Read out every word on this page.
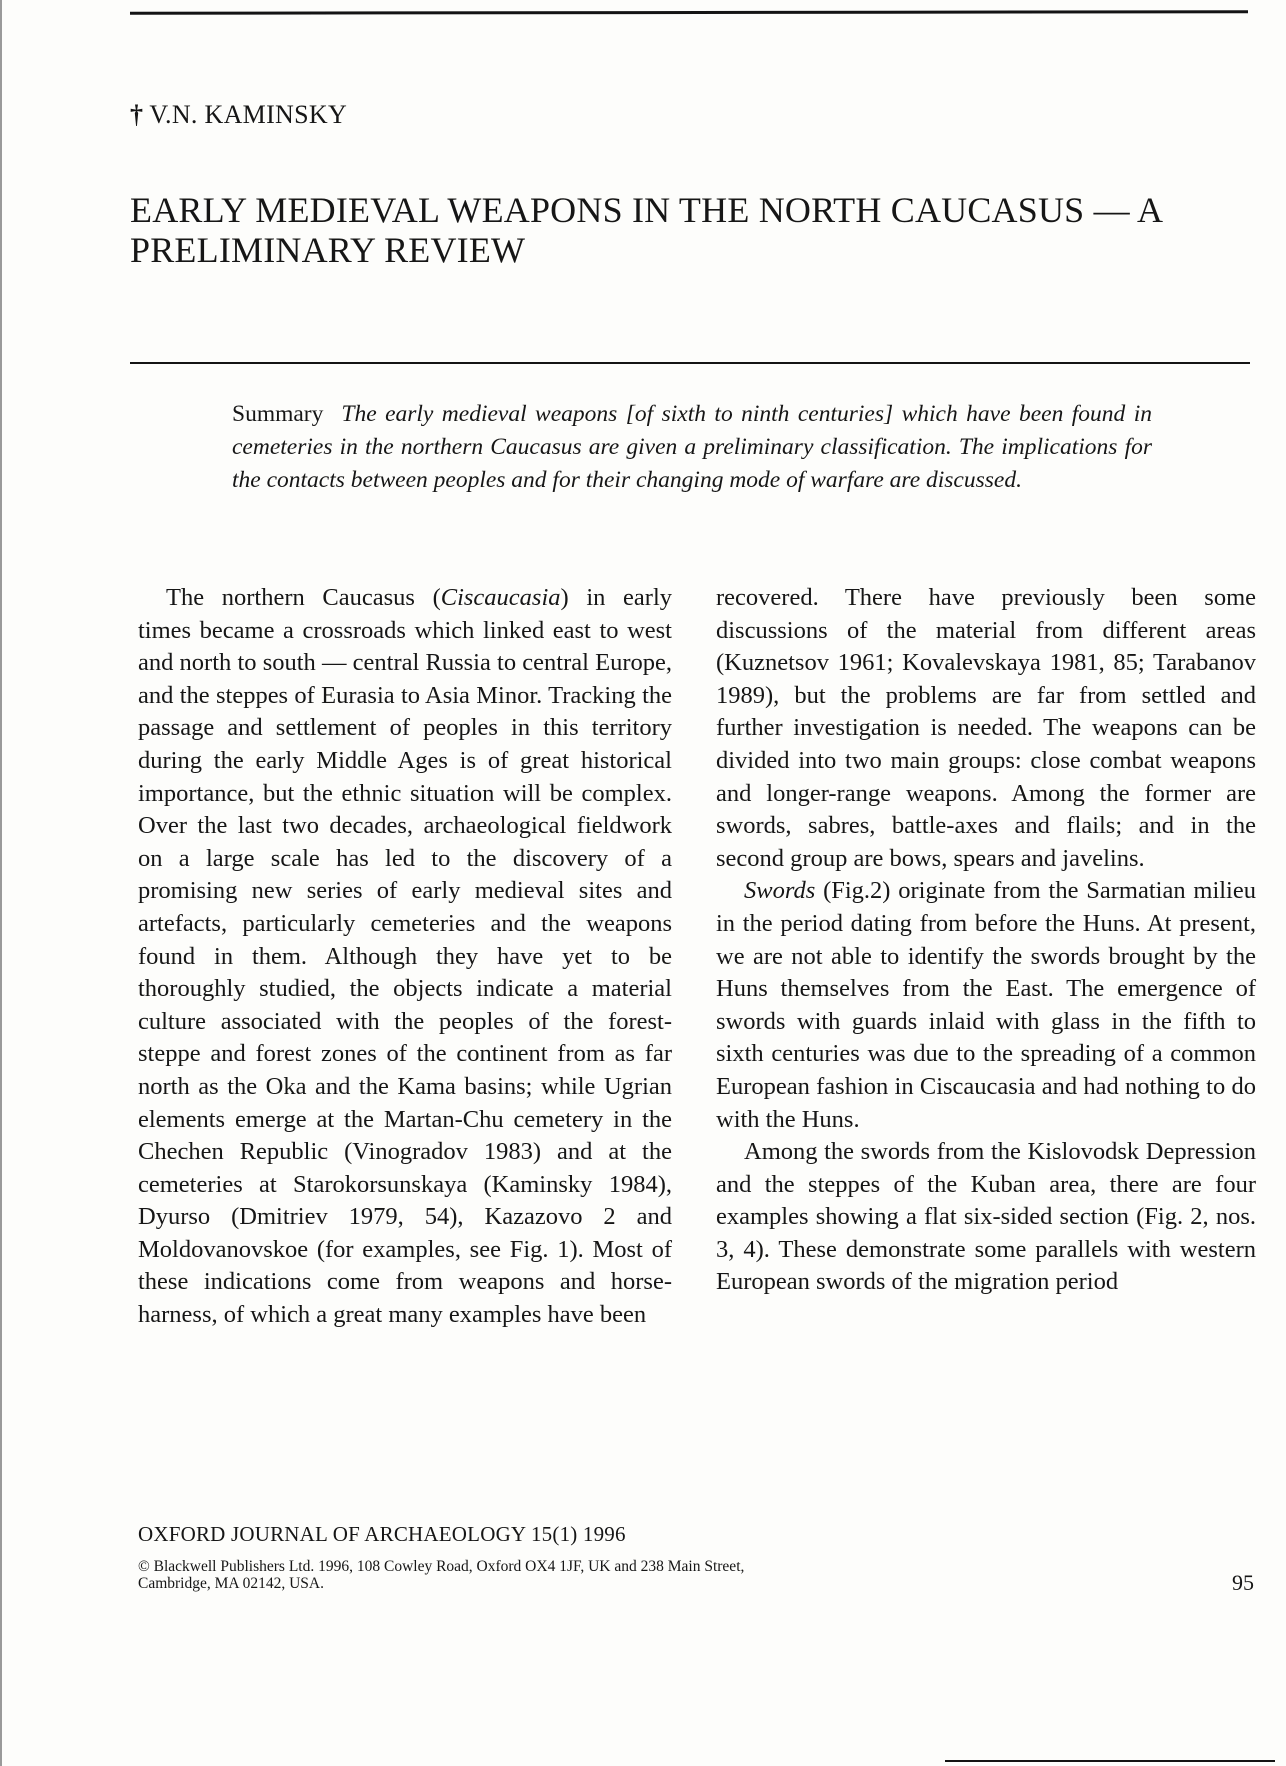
† V.N. KAMINSKY
EARLY MEDIEVAL WEAPONS IN THE NORTH CAUCASUS — A PRELIMINARY REVIEW
Summary The early medieval weapons [of sixth to ninth centuries] which have been found in cemeteries in the northern Caucasus are given a preliminary classification. The implications for the contacts between peoples and for their changing mode of warfare are discussed.

The northern Caucasus (Ciscaucasia) in early times became a crossroads which linked east to west and north to south — central Russia to central Europe, and the steppes of Eurasia to Asia Minor. Tracking the passage and settlement of peoples in this territory during the early Middle Ages is of great historical importance, but the ethnic situation will be complex. Over the last two decades, archaeological fieldwork on a large scale has led to the discovery of a promising new series of early medieval sites and artefacts, particularly cemeteries and the weapons found in them. Although they have yet to be thoroughly studied, the objects indicate a material culture associated with the peoples of the forest-steppe and forest zones of the continent from as far north as the Oka and the Kama basins; while Ugrian elements emerge at the Martan-Chu cemetery in the Chechen Republic (Vinogradov 1983) and at the cemeteries at Starokorsunskaya (Kaminsky 1984), Dyurso (Dmitriev 1979, 54), Kazazovo 2 and Moldovanovskoe (for examples, see Fig. 1). Most of these indications come from weapons and horse-harness, of which a great many examples have been

recovered. There have previously been some discussions of the material from different areas (Kuznetsov 1961; Kovalevskaya 1981, 85; Tarabanov 1989), but the problems are far from settled and further investigation is needed. The weapons can be divided into two main groups: close combat weapons and longer-range weapons. Among the former are swords, sabres, battle-axes and flails; and in the second group are bows, spears and javelins.

Swords (Fig.2) originate from the Sarmatian milieu in the period dating from before the Huns. At present, we are not able to identify the swords brought by the Huns themselves from the East. The emergence of swords with guards inlaid with glass in the fifth to sixth centuries was due to the spreading of a common European fashion in Ciscaucasia and had nothing to do with the Huns.

Among the swords from the Kislovodsk Depression and the steppes of the Kuban area, there are four examples showing a flat six-sided section (Fig. 2, nos. 3, 4). These demonstrate some parallels with western European swords of the migration period

OXFORD JOURNAL OF ARCHAEOLOGY 15(1) 1996
© Blackwell Publishers Ltd. 1996, 108 Cowley Road, Oxford OX4 1JF, UK and 238 Main Street, Cambridge, MA 02142, USA.	95
